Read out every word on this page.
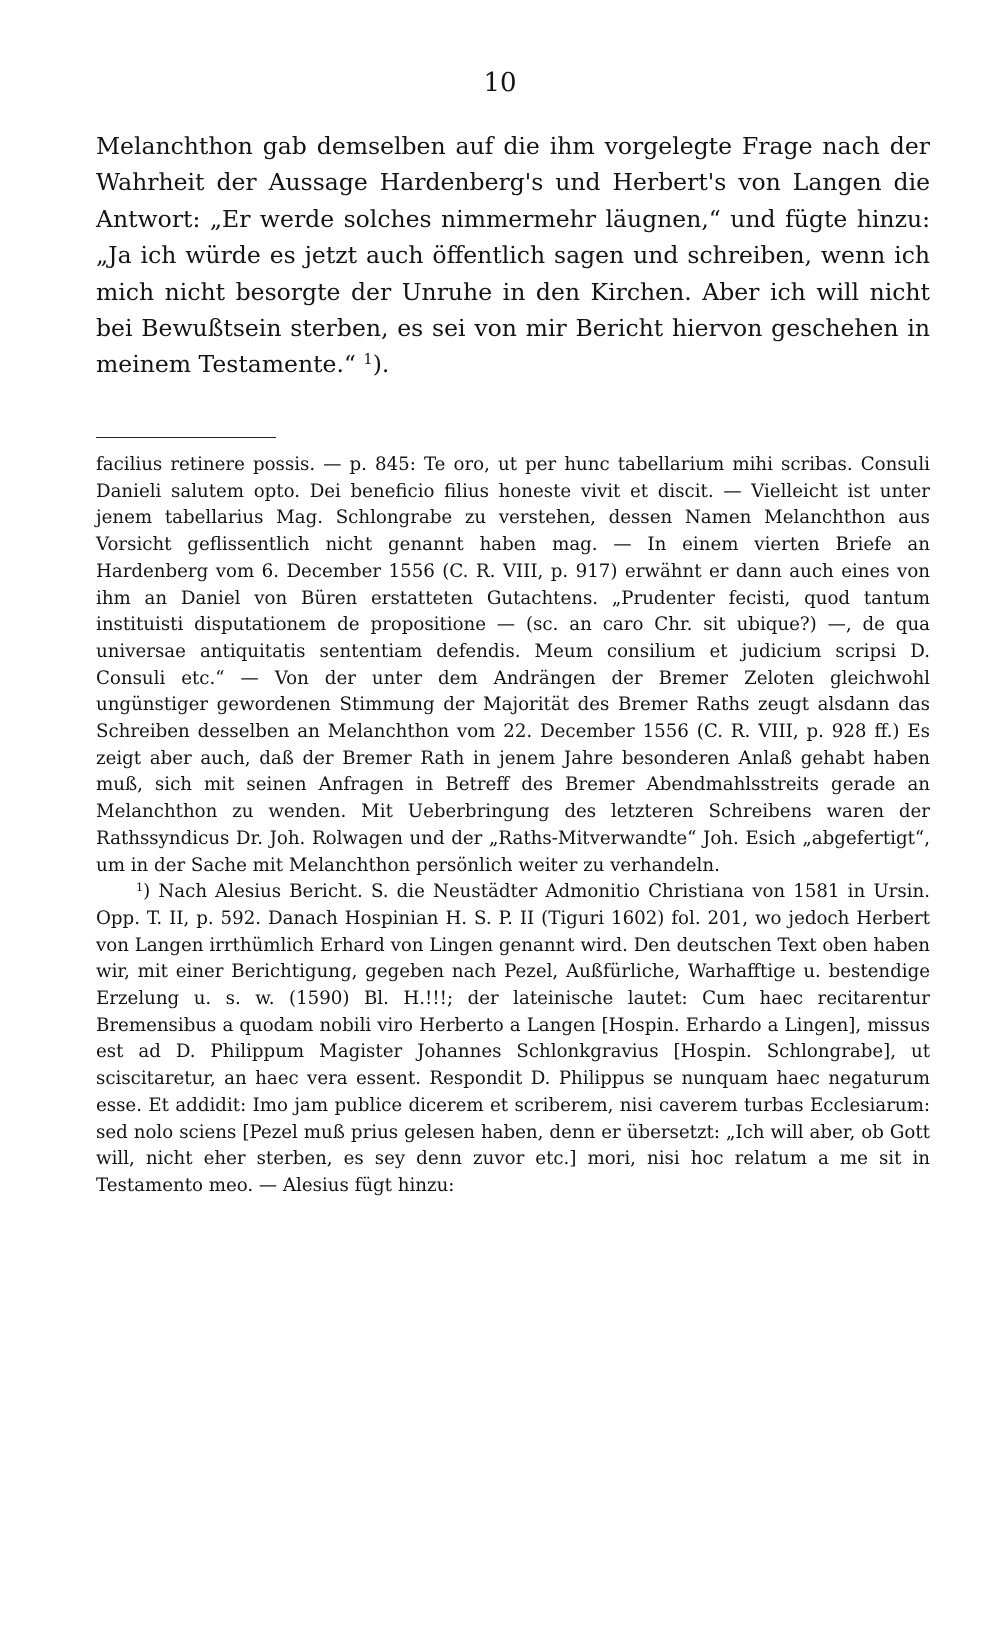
10
Melanchthon gab demselben auf die ihm vorgelegte Frage nach der Wahrheit der Aussage Hardenberg's und Herbert's von Langen die Antwort: „Er werde solches nimmermehr läugnen,“ und fügte hinzu: „Ja ich würde es jetzt auch öffentlich sagen und schreiben, wenn ich mich nicht besorgte der Unruhe in den Kirchen. Aber ich will nicht bei Bewußtsein sterben, es sei von mir Bericht hiervon geschehen in meinem Testamente.“ $^1$).

facilius retinere possis. — p. 845: Te oro, ut per hunc tabellarium mihi scribas. Consuli Danieli salutem opto. Dei beneficio filius honeste vivit et discit. — Vielleicht ist unter jenem tabellarius Mag. Schlongrabe zu verstehen, dessen Namen Melanchthon aus Vorsicht geflissentlich nicht genannt haben mag. — In einem vierten Briefe an Hardenberg vom 6. December 1556 (C. R. VIII, p. 917) erwähnt er dann auch eines von ihm an Daniel von Büren erstatteten Gutachtens. „Prudenter fecisti, quod tantum instituisti disputationem de propositione — (sc. an caro Chr. sit ubique?) —, de qua universae antiquitatis sententiam defendis. Meum consilium et judicium scripsi D. Consuli etc.“ — Von der unter dem Andrängen der Bremer Zeloten gleichwohl ungünstiger gewordenen Stimmung der Majorität des Bremer Raths zeugt alsdann das Schreiben desselben an Melanchthon vom 22. December 1556 (C. R. VIII, p. 928 ff.) Es zeigt aber auch, daß der Bremer Rath in jenem Jahre besonderen Anlaß gehabt haben muß, sich mit seinen Anfragen in Betreff des Bremer Abendmahlsstreits gerade an Melanchthon zu wenden. Mit Ueberbringung des letzteren Schreibens waren der Rathssyndicus Dr. Joh. Rolwagen und der „Raths-Mitverwandte“ Joh. Esich „abgefertigt“, um in der Sache mit Melanchthon persönlich weiter zu verhandeln.

$^1$) Nach Alesius Bericht. S. die Neustädter Admonitio Christiana von 1581 in Ursin. Opp. T. II, p. 592. Danach Hospinian H. S. P. II (Tiguri 1602) fol. 201, wo jedoch Herbert von Langen irrthümlich Erhard von Lingen genannt wird. Den deutschen Text oben haben wir, mit einer Berichtigung, gegeben nach Pezel, Außfürliche, Warhafftige u. bestendige Erzelung u. s. w. (1590) Bl. H.!!!; der lateinische lautet: Cum haec recitarentur Bremensibus a quodam nobili viro Herberto a Langen [Hospin. Erhardo a Lingen], missus est ad D. Philippum Magister Johannes Schlonkgravius [Hospin. Schlongrabe], ut sciscitaretur, an haec vera essent. Respondit D. Philippus se nunquam haec negaturum esse. Et addidit: Imo jam publice dicerem et scriberem, nisi caverem turbas Ecclesiarum: sed nolo sciens [Pezel muß prius gelesen haben, denn er übersetzt: „Ich will aber, ob Gott will, nicht eher sterben, es sey denn zuvor etc.] mori, nisi hoc relatum a me sit in Testamento meo. — Alesius fügt hinzu:
